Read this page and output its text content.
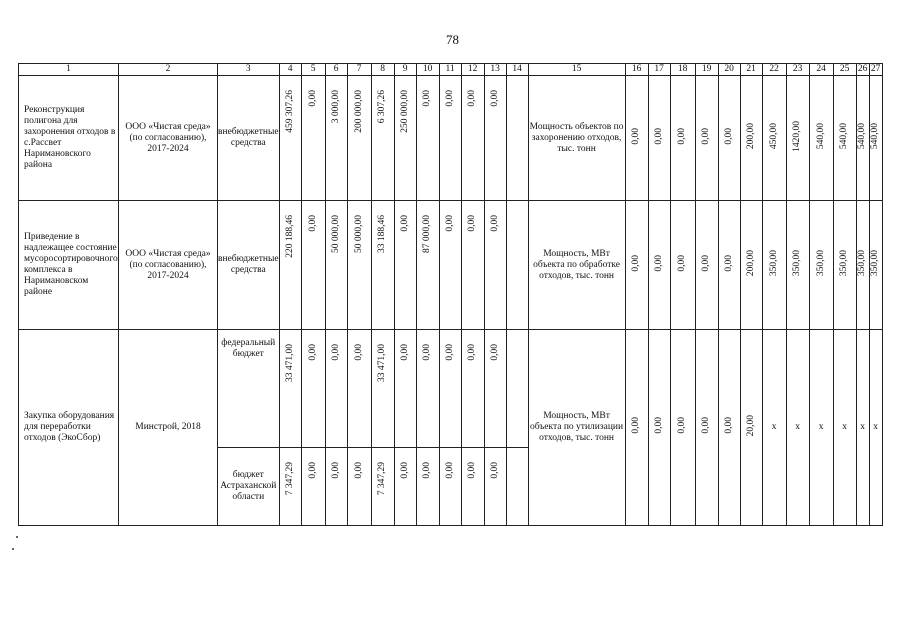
78
1	2	3	4	5	6	7	8	9	10	11	12	13	14	15	16	17	18	19	20	21	22	23	24	25	26	27
Реконструкция полигона для захоронения отходов в с.Рассвет Наримановского района	ООО «Чистая среда» (по согласованию), 2017-2024	внебюджетные средства	459 307,26	0,00	3 000,00	200 000,00	6 307,26	250 000,00	0,00	0,00	0,00	0,00		Мощность объектов по захоронению отходов, тыс. тонн	0,00	0,00	0,00	0,00	0,00	200,00	450,00	1420,00	540,00	540,00	540,00	540,00
Приведение в надлежащее состояние мусоросортировочного комплекса в Наримановском районе	ООО «Чистая среда» (по согласованию), 2017-2024	внебюджетные средства	220 188,46	0,00	50 000,00	50 000,00	33 188,46	0,00	87 000,00	0,00	0,00	0,00		Мощность, МВт объекта по обработке отходов, тыс. тонн	0,00	0,00	0,00	0,00	0,00	200,00	350,00	350,00	350,00	350,00	350,00	350,00
Закупка оборудования для переработки отходов (ЭкоСбор)	Минстрой, 2018	федеральный бюджет	33 471,00	0,00	0,00	0,00	33 471,00	0,00	0,00	0,00	0,00	0,00		Мощность, МВт объекта по утилизации отходов, тыс. тонн	0,00	0,00	0,00	0,00	0,00	20,00	x	x	x	x	x	x
		бюджет Астраханской области	7 347,29	0,00	0,00	0,00	7 347,29	0,00	0,00	0,00	0,00	0,00														
